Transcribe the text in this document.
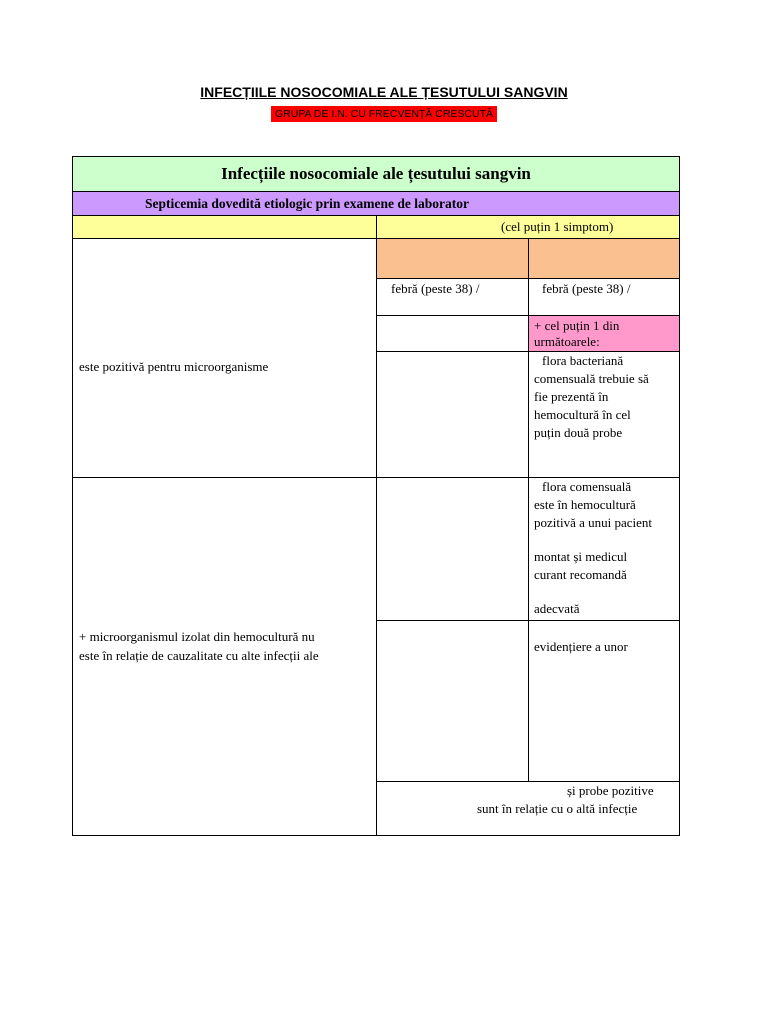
INFECȚIILE NOSOCOMIALE ALE ȚESUTULUI SANGVIN
GRUPA DE I.N. CU FRECVENȚĂ CRESCUTĂ
Infecțiile nosocomiale ale țesutului sangvin
Septicemia dovedită etiologic prin examene de laborator
(cel puțin 1 simptom)
este pozitivă pentru microorganisme
+ microorganismul izolat din hemocultură nu
este în relație de cauzalitate cu alte infecții ale
febră (peste 38) /	febră (peste 38) /
+ cel puțin 1 din
următoarele:
flora bacteriană
comensuală trebuie să
fie prezentă în
hemocultură în cel
puțin două probe
flora comensuală
este în hemocultură
pozitivă a unui pacient
montat și medicul
curant recomandă
adecvată
evidențiere a unor
și probe pozitive
sunt în relație cu o altă infecție
